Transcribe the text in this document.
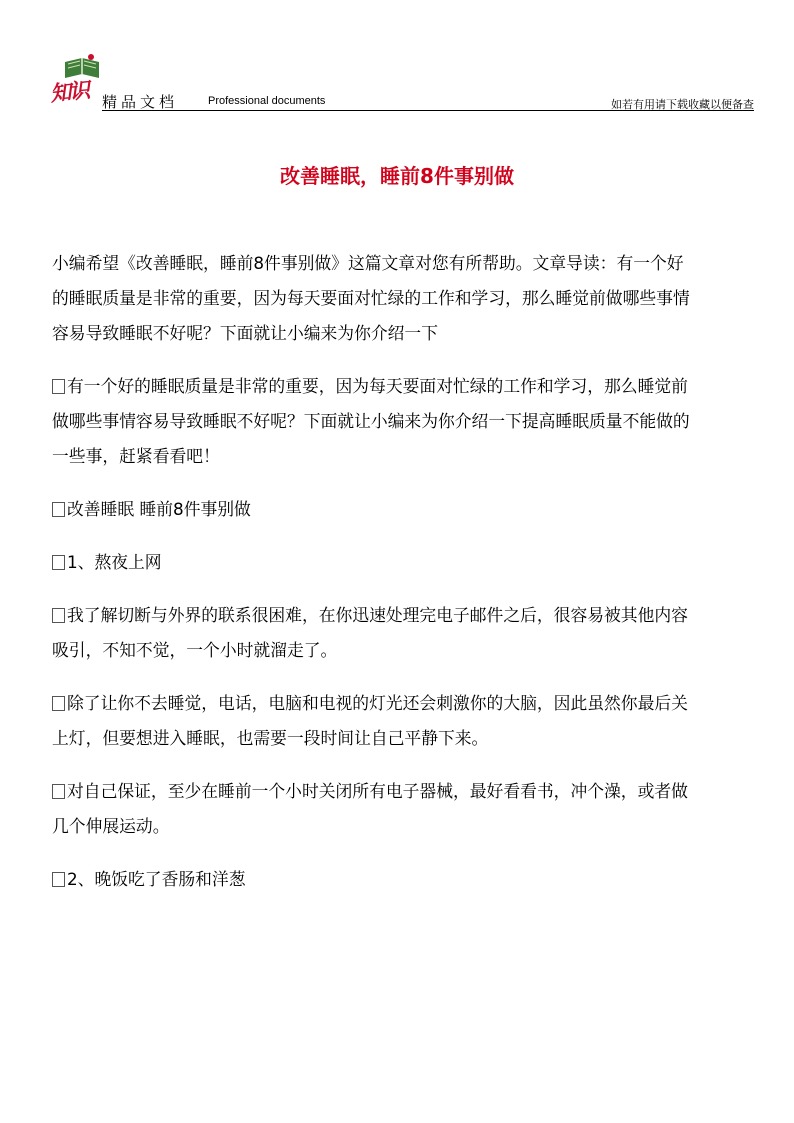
知识 精品文档	Professional documents	如若有用请下载收藏以便备查
改善睡眠，睡前8件事别做
小编希望《改善睡眠，睡前8件事别做》这篇文章对您有所帮助。文章导读：有一个好
的睡眠质量是非常的重要，因为每天要面对忙绿的工作和学习，那么睡觉前做哪些事情
容易导致睡眠不好呢？下面就让小编来为你介绍一下
有一个好的睡眠质量是非常的重要，因为每天要面对忙绿的工作和学习，那么睡觉前
做哪些事情容易导致睡眠不好呢？下面就让小编来为你介绍一下提高睡眠质量不能做的
一些事，赶紧看看吧！
改善睡眠 睡前8件事别做
1、熬夜上网
我了解切断与外界的联系很困难，在你迅速处理完电子邮件之后，很容易被其他内容
吸引，不知不觉，一个小时就溜走了。
除了让你不去睡觉，电话，电脑和电视的灯光还会刺激你的大脑，因此虽然你最后关
上灯，但要想进入睡眠，也需要一段时间让自己平静下来。
对自己保证，至少在睡前一个小时关闭所有电子器械，最好看看书，冲个澡，或者做
几个伸展运动。
2、晚饭吃了香肠和洋葱
